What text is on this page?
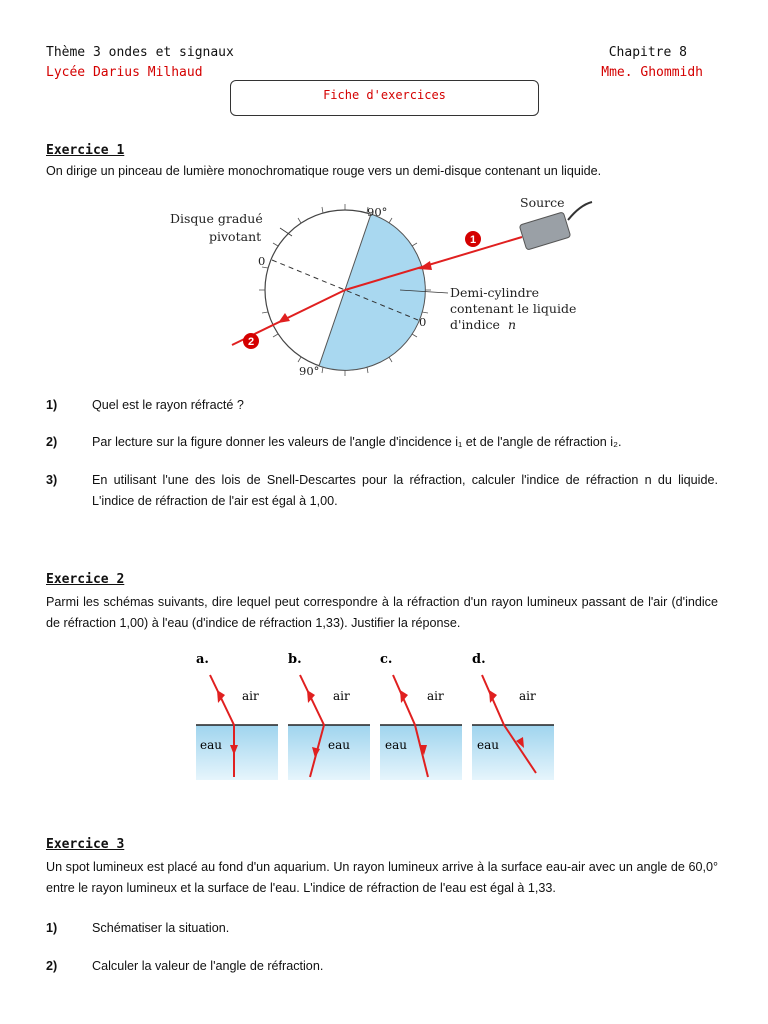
Thème 3 ondes et signaux	Chapitre 8
Lycée Darius Milhaud	Mme. Ghommidh
Fiche d'exercices
Exercice 1
On dirige un pinceau de lumière monochromatique rouge vers un demi-disque contenant un liquide.
1
2
Disque gradué
pivotant
Source
Demi-cylindre
contenant le liquide
d'indice n
90°
90°
0
0
1)	Quel est le rayon réfracté ?
2)	Par lecture sur la figure donner les valeurs de l'angle d'incidence i₁ et de l'angle de réfraction i₂.
3)	En utilisant l'une des lois de Snell-Descartes pour la réfraction, calculer l'indice de réfraction n du liquide. L'indice de réfraction de l'air est égal à 1,00.
Exercice 2
Parmi les schémas suivants, dire lequel peut correspondre à la réfraction d'un rayon lumineux passant de l'air (d'indice de réfraction 1,00) à l'eau (d'indice de réfraction 1,33). Justifier la réponse.
a.
air
eau
b.
air
eau
c.
air
eau
d.
air
eau
Exercice 3
Un spot lumineux est placé au fond d'un aquarium. Un rayon lumineux arrive à la surface eau-air avec un angle de 60,0° entre le rayon lumineux et la surface de l'eau. L'indice de réfraction de l'eau est égal à 1,33.
1)	Schématiser la situation.
2)	Calculer la valeur de l'angle de réfraction.
